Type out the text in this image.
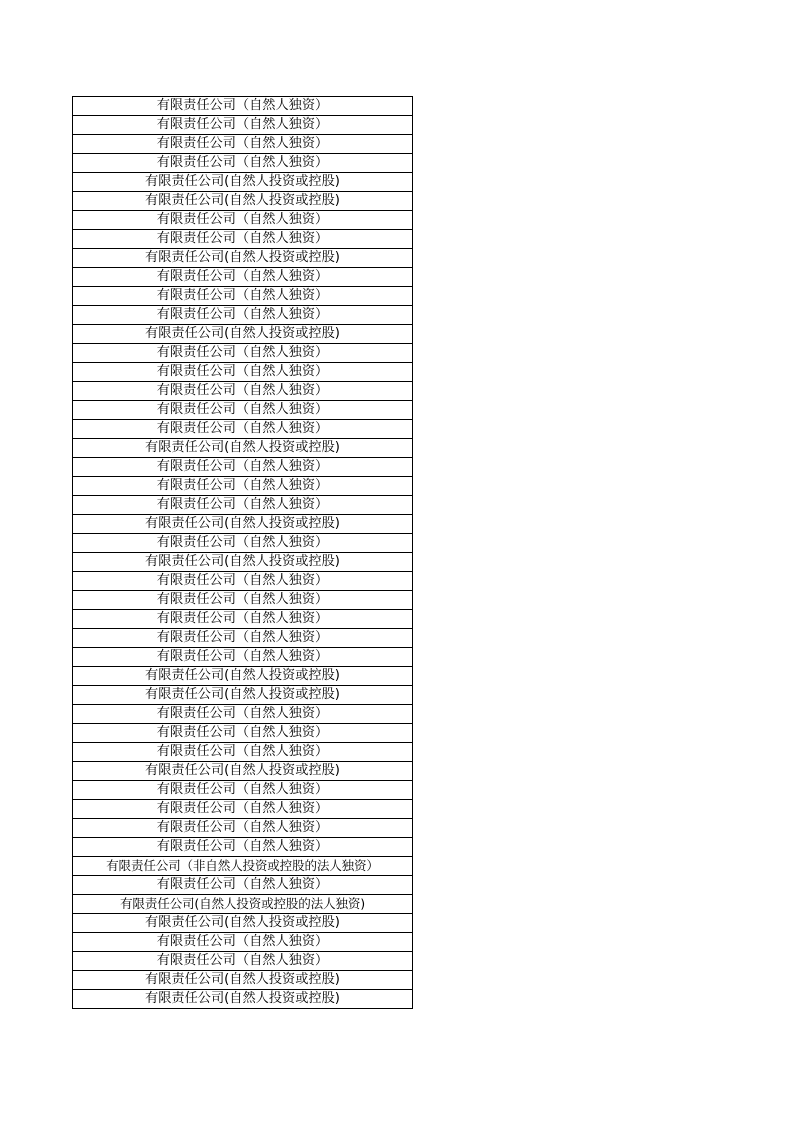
有限责任公司（自然人独资）
有限责任公司（自然人独资）
有限责任公司（自然人独资）
有限责任公司（自然人独资）
有限责任公司(自然人投资或控股)
有限责任公司(自然人投资或控股)
有限责任公司（自然人独资）
有限责任公司（自然人独资）
有限责任公司(自然人投资或控股)
有限责任公司（自然人独资）
有限责任公司（自然人独资）
有限责任公司（自然人独资）
有限责任公司(自然人投资或控股)
有限责任公司（自然人独资）
有限责任公司（自然人独资）
有限责任公司（自然人独资）
有限责任公司（自然人独资）
有限责任公司（自然人独资）
有限责任公司(自然人投资或控股)
有限责任公司（自然人独资）
有限责任公司（自然人独资）
有限责任公司（自然人独资）
有限责任公司(自然人投资或控股)
有限责任公司（自然人独资）
有限责任公司(自然人投资或控股)
有限责任公司（自然人独资）
有限责任公司（自然人独资）
有限责任公司（自然人独资）
有限责任公司（自然人独资）
有限责任公司（自然人独资）
有限责任公司(自然人投资或控股)
有限责任公司(自然人投资或控股)
有限责任公司（自然人独资）
有限责任公司（自然人独资）
有限责任公司（自然人独资）
有限责任公司(自然人投资或控股)
有限责任公司（自然人独资）
有限责任公司（自然人独资）
有限责任公司（自然人独资）
有限责任公司（自然人独资）
有限责任公司（非自然人投资或控股的法人独资）
有限责任公司（自然人独资）
有限责任公司(自然人投资或控股的法人独资)
有限责任公司(自然人投资或控股)
有限责任公司（自然人独资）
有限责任公司（自然人独资）
有限责任公司(自然人投资或控股)
有限责任公司(自然人投资或控股)
